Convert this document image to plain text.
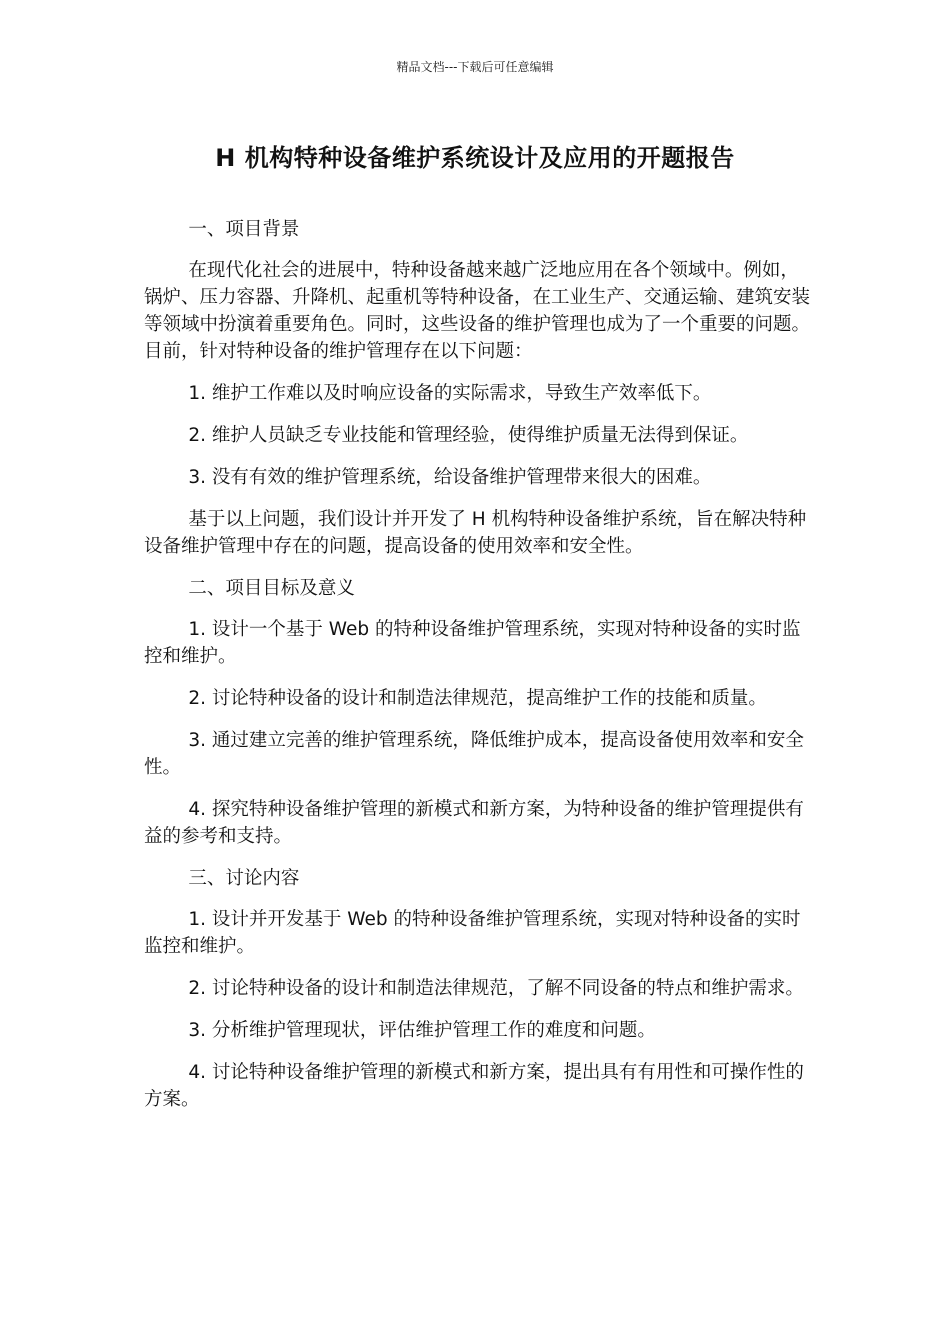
精品文档---下载后可任意编辑
H 机构特种设备维护系统设计及应用的开题报告

一、项目背景

在现代化社会的进展中，特种设备越来越广泛地应用在各个领域中。例如，锅炉、压力容器、升降机、起重机等特种设备，在工业生产、交通运输、建筑安装等领域中扮演着重要角色。同时，这些设备的维护管理也成为了一个重要的问题。目前，针对特种设备的维护管理存在以下问题：

1. 维护工作难以及时响应设备的实际需求，导致生产效率低下。

2. 维护人员缺乏专业技能和管理经验，使得维护质量无法得到保证。

3. 没有有效的维护管理系统，给设备维护管理带来很大的困难。

基于以上问题，我们设计并开发了 H 机构特种设备维护系统，旨在解决特种设备维护管理中存在的问题，提高设备的使用效率和安全性。

二、项目目标及意义

1. 设计一个基于 Web 的特种设备维护管理系统，实现对特种设备的实时监控和维护。

2. 讨论特种设备的设计和制造法律规范，提高维护工作的技能和质量。

3. 通过建立完善的维护管理系统，降低维护成本，提高设备使用效率和安全性。

4. 探究特种设备维护管理的新模式和新方案，为特种设备的维护管理提供有益的参考和支持。

三、讨论内容

1. 设计并开发基于 Web 的特种设备维护管理系统，实现对特种设备的实时监控和维护。

2. 讨论特种设备的设计和制造法律规范，了解不同设备的特点和维护需求。

3. 分析维护管理现状，评估维护管理工作的难度和问题。

4. 讨论特种设备维护管理的新模式和新方案，提出具有有用性和可操作性的方案。
